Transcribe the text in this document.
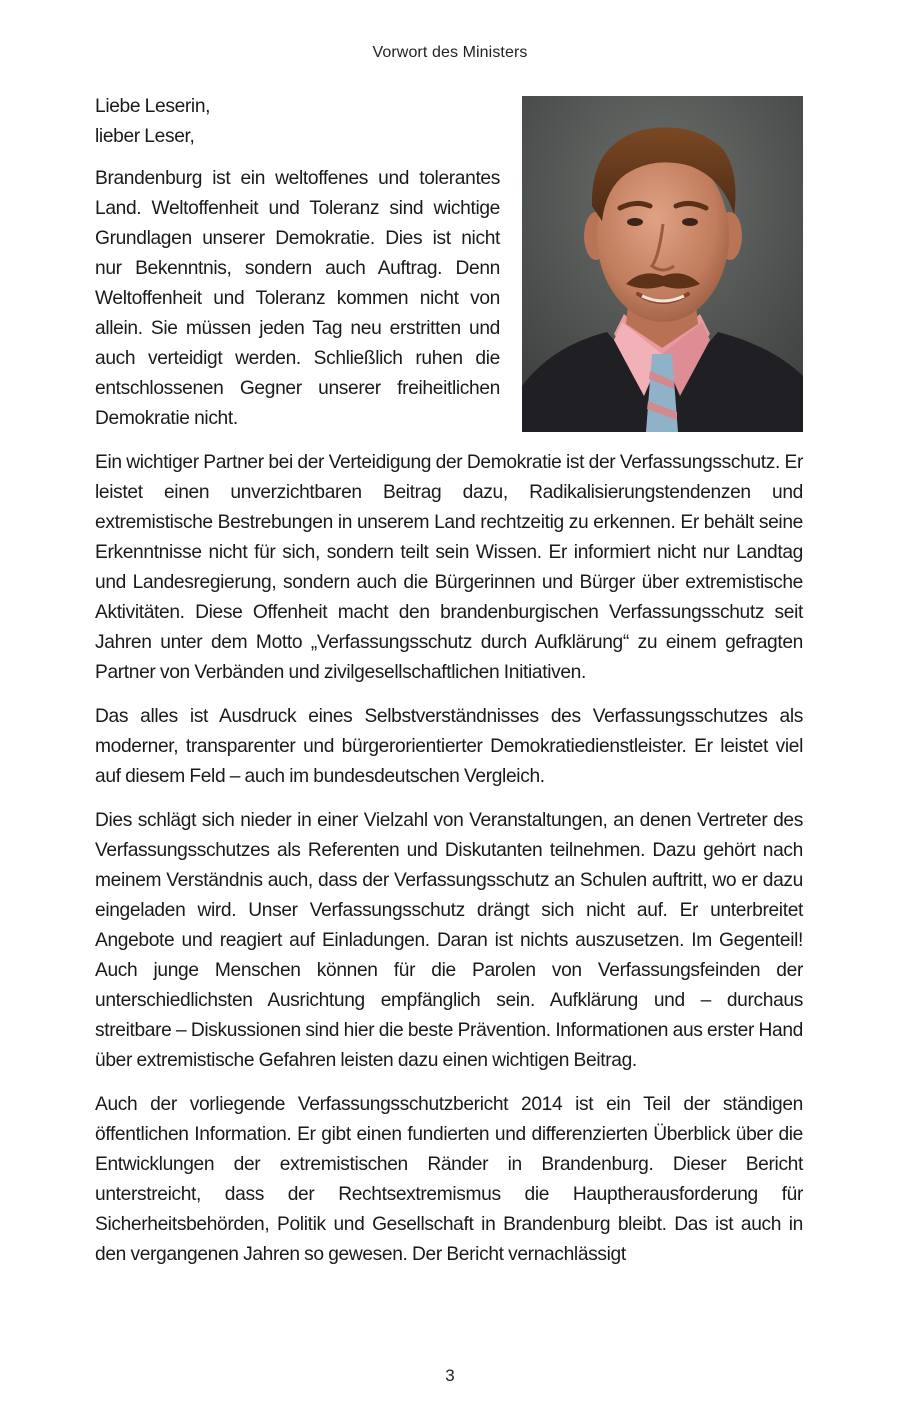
Vorwort des Ministers

Liebe Leserin,
lieber Leser,

Brandenburg ist ein weltoffenes und tolerantes Land. Weltoffenheit und Toleranz sind wichtige Grundlagen unserer Demokratie. Dies ist nicht nur Bekenntnis, sondern auch Auftrag. Denn Weltoffenheit und Toleranz kommen nicht von allein. Sie müssen jeden Tag neu erstritten und auch verteidigt werden. Schließlich ruhen die entschlossenen Gegner unserer freiheitlichen Demokratie nicht.

Ein wichtiger Partner bei der Verteidigung der Demokratie ist der Verfassungsschutz. Er leistet einen unverzichtbaren Beitrag dazu, Radikalisierungstendenzen und extremistische Bestrebungen in unserem Land rechtzeitig zu erkennen. Er behält seine Erkenntnisse nicht für sich, sondern teilt sein Wissen. Er informiert nicht nur Landtag und Landesregierung, sondern auch die Bürgerinnen und Bürger über extremistische Aktivitäten. Diese Offenheit macht den brandenburgischen Verfassungsschutz seit Jahren unter dem Motto „Verfassungsschutz durch Aufklärung“ zu einem gefragten Partner von Verbänden und zivilgesellschaftlichen Initiativen.

Das alles ist Ausdruck eines Selbstverständnisses des Verfassungsschutzes als moderner, transparenter und bürgerorientierter Demokratiedienstleister. Er leistet viel auf diesem Feld – auch im bundesdeutschen Vergleich.

Dies schlägt sich nieder in einer Vielzahl von Veranstaltungen, an denen Vertreter des Verfassungsschutzes als Referenten und Diskutanten teilnehmen. Dazu gehört nach meinem Verständnis auch, dass der Verfassungsschutz an Schulen auftritt, wo er dazu eingeladen wird. Unser Verfassungsschutz drängt sich nicht auf. Er unterbreitet Angebote und reagiert auf Einladungen. Daran ist nichts auszusetzen. Im Gegenteil! Auch junge Menschen können für die Parolen von Verfassungsfeinden der unterschiedlichsten Ausrichtung empfänglich sein. Aufklärung und – durchaus streitbare – Diskussionen sind hier die beste Prävention. Informationen aus erster Hand über extremistische Gefahren leisten dazu einen wichtigen Beitrag.

Auch der vorliegende Verfassungsschutzbericht 2014 ist ein Teil der ständigen öffentlichen Information. Er gibt einen fundierten und differenzierten Überblick über die Entwicklungen der extremistischen Ränder in Brandenburg. Dieser Bericht unterstreicht, dass der Rechtsextremismus die Hauptherausforderung für Sicherheitsbehörden, Politik und Gesellschaft in Brandenburg bleibt. Das ist auch in den vergangenen Jahren so gewesen. Der Bericht vernachlässigt

3
